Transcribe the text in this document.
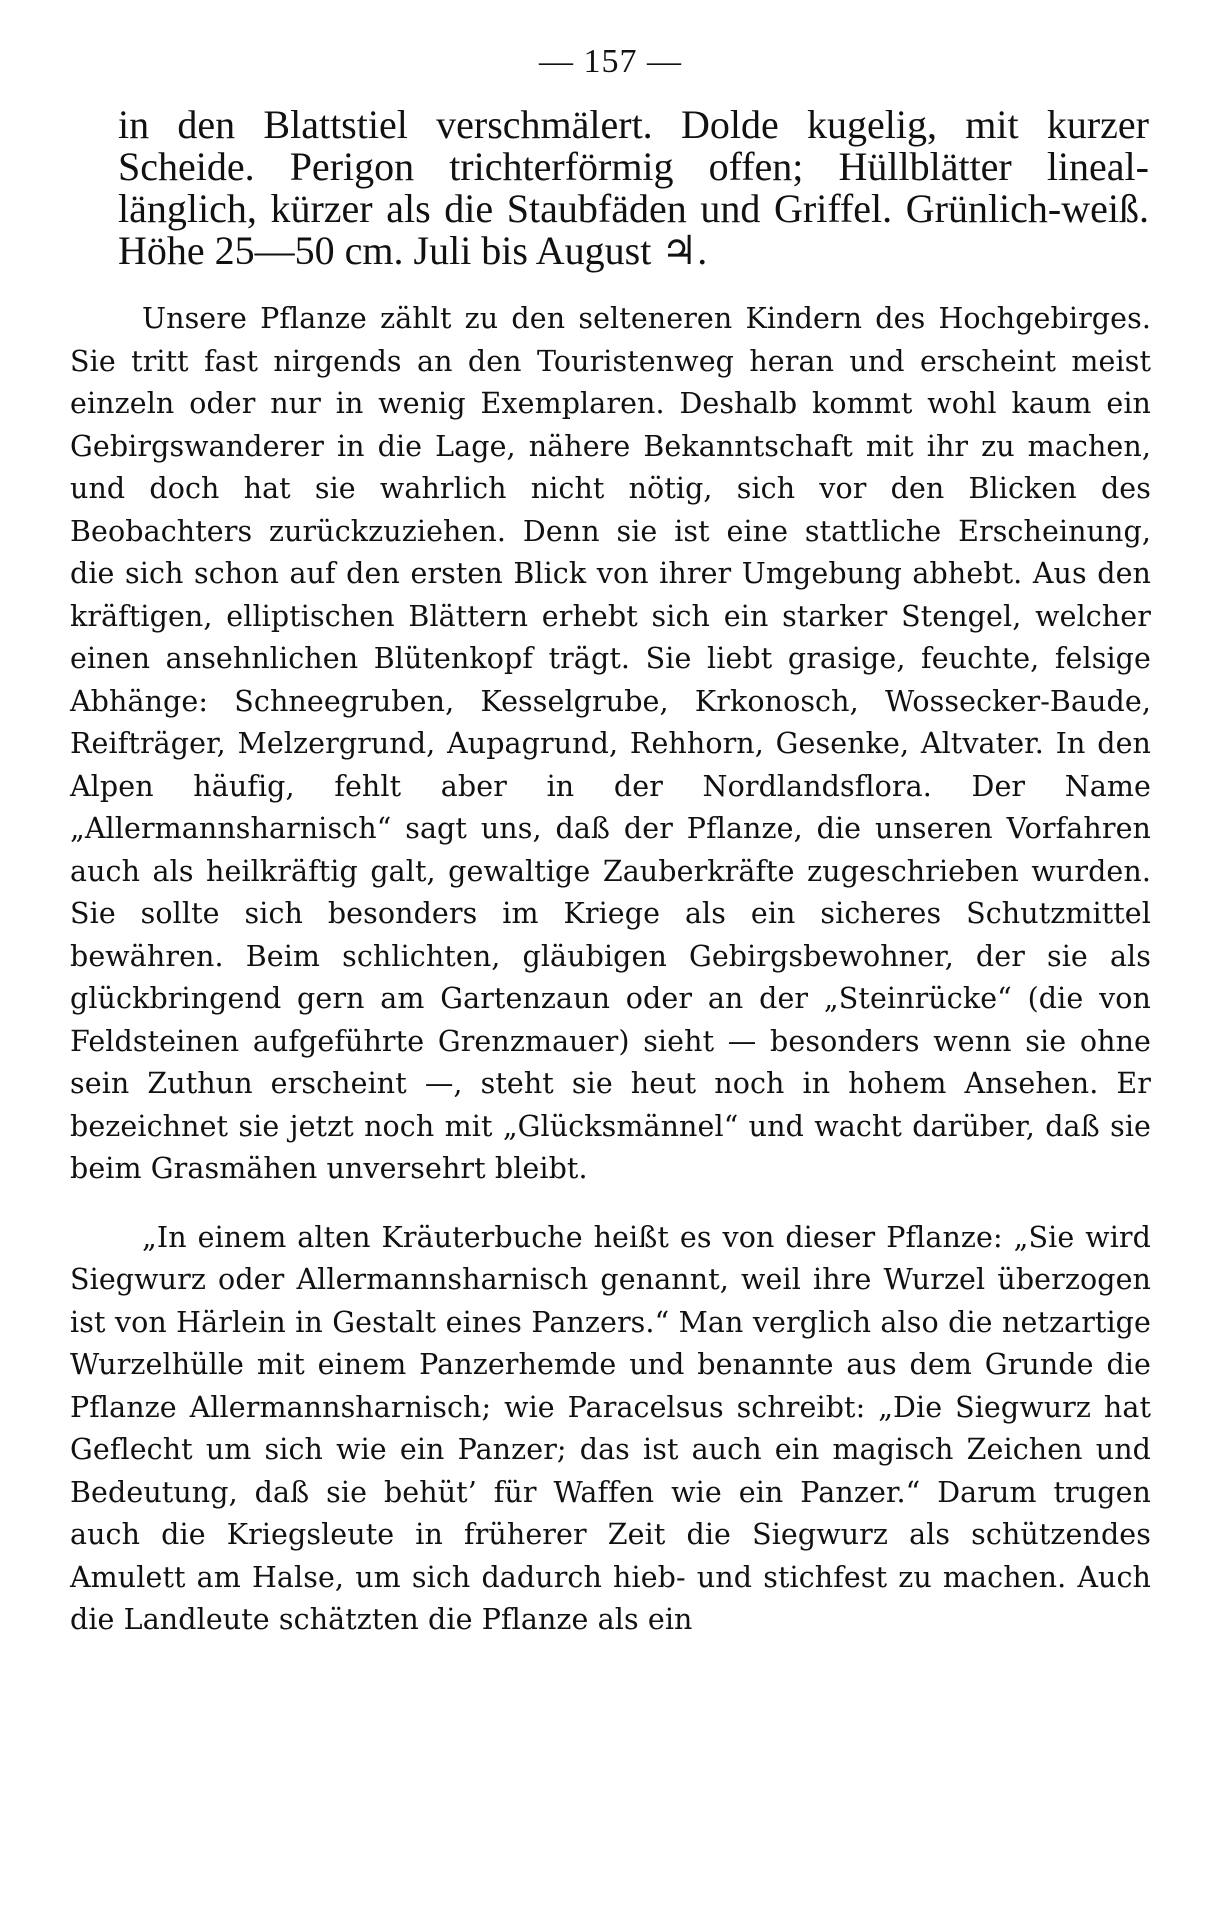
— 157 —

in den Blattstiel verschmälert. Dolde kugelig, mit kurzer Scheide. Perigon trichterförmig offen; Hüllblätter lineal-länglich, kürzer als die Staubfäden und Griffel. Grünlich-weiß. Höhe 25—50 cm. Juli bis August ♃.

Unsere Pflanze zählt zu den selteneren Kindern des Hochgebirges. Sie tritt fast nirgends an den Touristenweg heran und erscheint meist einzeln oder nur in wenig Exemplaren. Deshalb kommt wohl kaum ein Gebirgswanderer in die Lage, nähere Bekanntschaft mit ihr zu machen, und doch hat sie wahrlich nicht nötig, sich vor den Blicken des Beobachters zurückzuziehen. Denn sie ist eine stattliche Erscheinung, die sich schon auf den ersten Blick von ihrer Umgebung abhebt. Aus den kräftigen, elliptischen Blättern erhebt sich ein starker Stengel, welcher einen ansehnlichen Blütenkopf trägt. Sie liebt grasige, feuchte, felsige Abhänge: Schneegruben, Kesselgrube, Krkonosch, Wossecker-Baude, Reifträger, Melzergrund, Aupagrund, Rehhorn, Gesenke, Altvater. In den Alpen häufig, fehlt aber in der Nordlandsflora. Der Name „Allermannsharnisch“ sagt uns, daß der Pflanze, die unseren Vorfahren auch als heilkräftig galt, gewaltige Zauberkräfte zugeschrieben wurden. Sie sollte sich besonders im Kriege als ein sicheres Schutzmittel bewähren. Beim schlichten, gläubigen Gebirgsbewohner, der sie als glückbringend gern am Gartenzaun oder an der „Steinrücke“ (die von Feldsteinen aufgeführte Grenzmauer) sieht — besonders wenn sie ohne sein Zuthun erscheint —, steht sie heut noch in hohem Ansehen. Er bezeichnet sie jetzt noch mit „Glücksmännel“ und wacht darüber, daß sie beim Grasmähen unversehrt bleibt.

„In einem alten Kräuterbuche heißt es von dieser Pflanze: „Sie wird Siegwurz oder Allermannsharnisch genannt, weil ihre Wurzel überzogen ist von Härlein in Gestalt eines Panzers.“ Man verglich also die netzartige Wurzelhülle mit einem Panzerhemde und benannte aus dem Grunde die Pflanze Allermannsharnisch; wie Paracelsus schreibt: „Die Siegwurz hat Geflecht um sich wie ein Panzer; das ist auch ein magisch Zeichen und Bedeutung, daß sie behüt’ für Waffen wie ein Panzer.“ Darum trugen auch die Kriegsleute in früherer Zeit die Siegwurz als schützendes Amulett am Halse, um sich dadurch hieb- und stichfest zu machen. Auch die Landleute schätzten die Pflanze als ein
